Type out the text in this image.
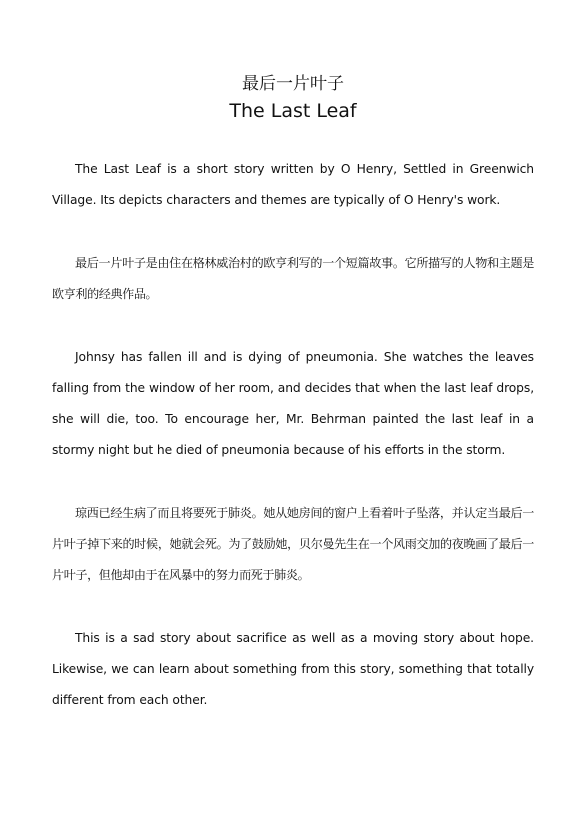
最后一片叶子
The Last Leaf

The Last Leaf is a short story written by O Henry, Settled in Greenwich Village. Its depicts characters and themes are typically of O Henry's work.

最后一片叶子是由住在格林威治村的欧亨利写的一个短篇故事。它所描写的人物和主题是欧亨利的经典作品。

Johnsy has fallen ill and is dying of pneumonia. She watches the leaves falling from the window of her room, and decides that when the last leaf drops, she will die, too. To encourage her, Mr. Behrman painted the last leaf in a stormy night but he died of pneumonia because of his efforts in the storm.

琼西已经生病了而且将要死于肺炎。她从她房间的窗户上看着叶子坠落，并认定当最后一片叶子掉下来的时候，她就会死。为了鼓励她，贝尔曼先生在一个风雨交加的夜晚画了最后一片叶子，但他却由于在风暴中的努力而死于肺炎。

This is a sad story about sacrifice as well as a moving story about hope. Likewise, we can learn about something from this story, something that totally different from each other.
